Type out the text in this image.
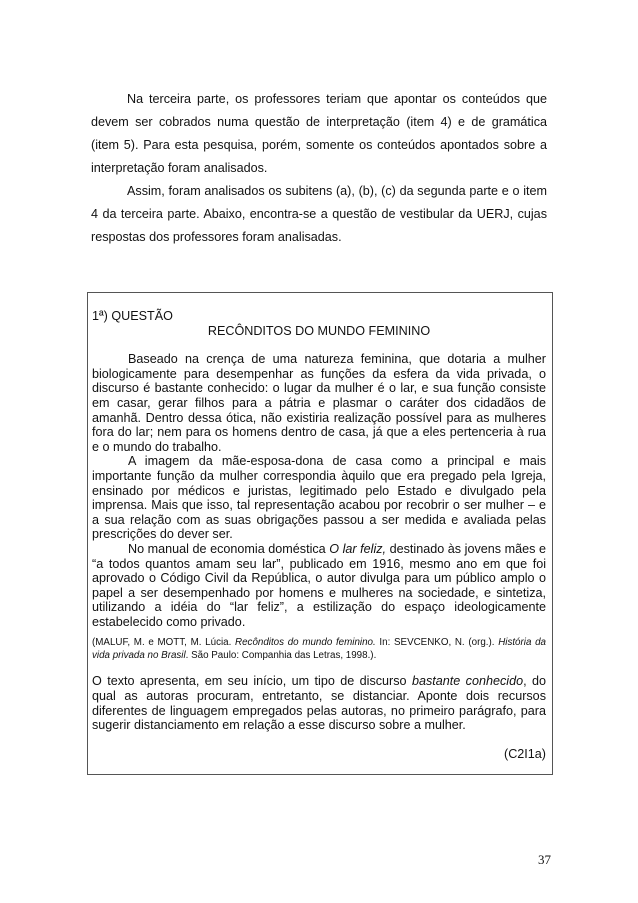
Na terceira parte, os professores teriam que apontar os conteúdos que devem ser cobrados numa questão de interpretação (item 4) e de gramática (item 5). Para esta pesquisa, porém, somente os conteúdos apontados sobre a interpretação foram analisados.

Assim, foram analisados os subitens (a), (b), (c) da segunda parte e o item 4 da terceira parte. Abaixo, encontra-se a questão de vestibular da UERJ, cujas respostas dos professores foram analisadas.

1ª) QUESTÃO

RECÔNDITOS DO MUNDO FEMININO

Baseado na crença de uma natureza feminina, que dotaria a mulher biologicamente para desempenhar as funções da esfera da vida privada, o discurso é bastante conhecido: o lugar da mulher é o lar, e sua função consiste em casar, gerar filhos para a pátria e plasmar o caráter dos cidadãos de amanhã. Dentro dessa ótica, não existiria realização possível para as mulheres fora do lar; nem para os homens dentro de casa, já que a eles pertenceria à rua e o mundo do trabalho.

A imagem da mãe-esposa-dona de casa como a principal e mais importante função da mulher correspondia àquilo que era pregado pela Igreja, ensinado por médicos e juristas, legitimado pelo Estado e divulgado pela imprensa. Mais que isso, tal representação acabou por recobrir o ser mulher – e a sua relação com as suas obrigações passou a ser medida e avaliada pelas prescrições do dever ser.

No manual de economia doméstica O lar feliz, destinado às jovens mães e “a todos quantos amam seu lar”, publicado em 1916, mesmo ano em que foi aprovado o Código Civil da República, o autor divulga para um público amplo o papel a ser desempenhado por homens e mulheres na sociedade, e sintetiza, utilizando a idéia do “lar feliz”, a estilização do espaço ideologicamente estabelecido como privado.

(MALUF, M. e MOTT, M. Lúcia. Recônditos do mundo feminino. In: SEVCENKO, N. (org.). História da vida privada no Brasil. São Paulo: Companhia das Letras, 1998.).

O texto apresenta, em seu início, um tipo de discurso bastante conhecido, do qual as autoras procuram, entretanto, se distanciar. Aponte dois recursos diferentes de linguagem empregados pelas autoras, no primeiro parágrafo, para sugerir distanciamento em relação a esse discurso sobre a mulher.

(C2I1a)

37
